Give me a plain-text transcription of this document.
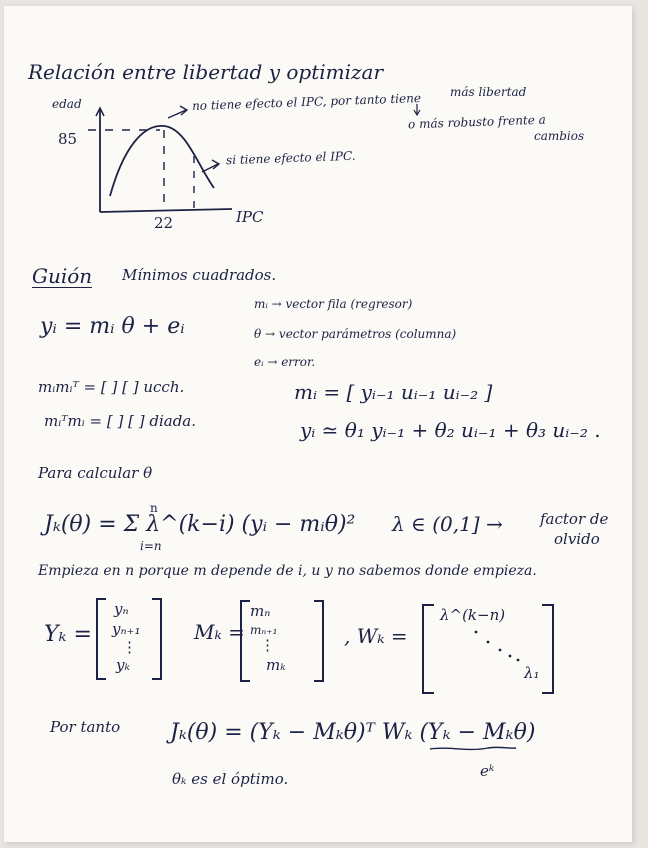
Relación entre libertad y optimizar
edad
85
22	IPC
no tiene efecto el IPC, por tanto tiene más libertad
o más robusto frente a
cambios
si tiene efecto el IPC.
Guión Mínimos cuadrados.
yᵢ = mᵢ θ + eᵢ
mᵢ → vector fila (regresor)
θ → vector parámetros (columna)
eᵢ → error.
mᵢmᵢᵀ = [ ] [ ] ucch.
mᵢᵀmᵢ = [ ] [ ] diada.
mᵢ = [ yᵢ₋₁ uᵢ₋₁ uᵢ₋₂ ]
yᵢ ≃ θ₁ yᵢ₋₁ + θ₂ uᵢ₋₁ + θ₃ uᵢ₋₂ .
Para calcular θ
Jₖ(θ) = Σ λ^(k−i) (yᵢ − mᵢθ)²
n
i=n
λ ∈ (0,1] → factor de
olvido
Empieza en n porque m depende de i, u y no sabemos donde empieza.
Yₖ =
yₙ
yₙ₊₁
⋮
yₖ
Mₖ =
mₙ
mₙ₊₁
⋮
mₖ
, Wₖ =
λ^(k−n)
λ₁
Por tanto Jₖ(θ) = (Yₖ − Mₖθ)ᵀ Wₖ (Yₖ − Mₖθ)
eᵏ
θₖ es el óptimo.
